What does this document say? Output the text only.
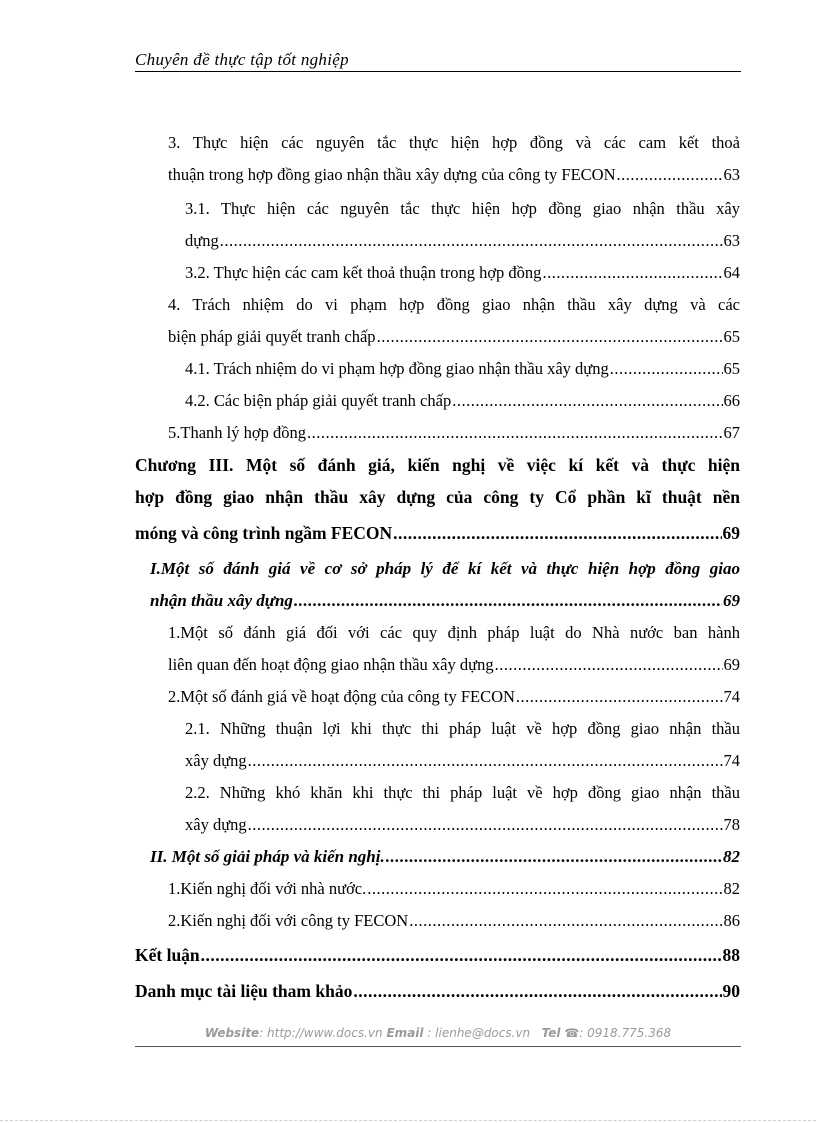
Chuyên đề thực tập tốt nghiệp
3. Thực hiện các nguyên tắc thực hiện hợp đồng và các cam kết thoả
thuận trong hợp đồng giao nhận thầu xây dựng của công ty FECON .....	63
3.1. Thực hiện các nguyên tắc thực hiện hợp đồng giao nhận thầu xây
dựng .....	63
3.2. Thực hiện các cam kết thoả thuận trong hợp đồng .....	64
4. Trách nhiệm do vi phạm hợp đồng giao nhận thầu xây dựng và các
biện pháp giải quyết tranh chấp .....	65
4.1. Trách nhiệm do vi phạm hợp đồng giao nhận thầu xây dựng .....	65
4.2. Các biện pháp giải quyết tranh chấp .....	66
5.Thanh lý hợp đồng .....	67
Chương III. Một số đánh giá, kiến nghị về việc kí kết và thực hiện
hợp đồng giao nhận thầu xây dựng của công ty Cổ phần kĩ thuật nền
móng và công trình ngầm FECON .....	69
I.Một số đánh giá về cơ sở pháp lý để kí kết và thực hiện hợp đồng giao
nhận thầu xây dựng .....	69
1.Một số đánh giá đối với các quy định pháp luật do Nhà nước ban hành
liên quan đến hoạt động giao nhận thầu xây dựng .....	69
2.Một số đánh giá về hoạt động của công ty FECON .....	74
2.1. Những thuận lợi khi thực thi pháp luật về hợp đồng giao nhận thầu
xây dựng .....	74
2.2. Những khó khăn khi thực thi pháp luật về hợp đồng giao nhận thầu
xây dựng .....	78
II. Một số giải pháp và kiến nghị. .....	82
1.Kiến nghị đối với nhà nước. .....	82
2.Kiến nghị đối với công ty FECON .....	86
Kết luận .....	88
Danh mục tài liệu tham khảo .....	90
Website: http://www.docs.vn Email : lienhe@docs.vn Tel ☎: 0918.775.368
